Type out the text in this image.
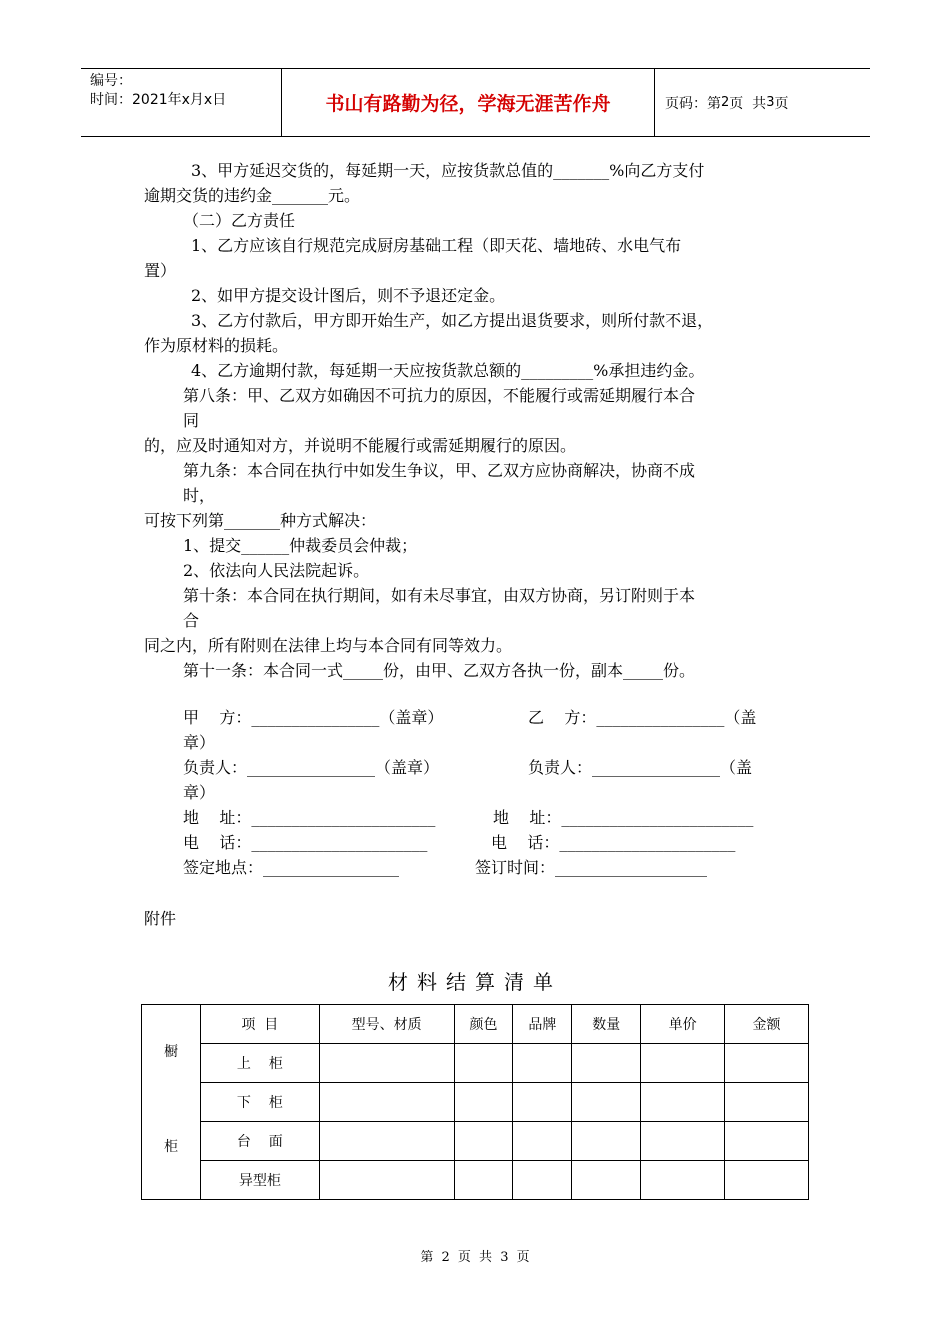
编号：
时间：2021年x月x日	书山有路勤为径，学海无涯苦作舟	页码：第 2 页  共 3 页

3、甲方延迟交货的，每延期一天，应按货款总值的_______%向乙方支付

逾期交货的违约金_______元。

（二）乙方责任

1、乙方应该自行规范完成厨房基础工程（即天花、墙地砖、水电气布

置）

2、如甲方提交设计图后，则不予退还定金。

3、乙方付款后，甲方即开始生产，如乙方提出退货要求，则所付款不退，

作为原材料的损耗。

4、乙方逾期付款，每延期一天应按货款总额的_________%承担违约金。

第八条：甲、乙双方如确因不可抗力的原因，不能履行或需延期履行本合

同

的，应及时通知对方，并说明不能履行或需延期履行的原因。

第九条：本合同在执行中如发生争议，甲、乙双方应协商解决，协商不成

时，

可按下列第_______种方式解决：

1、提交______仲裁委员会仲裁；

2、依法向人民法院起诉。

第十条：本合同在执行期间，如有未尽事宜，由双方协商，另订附则于本

合

同之内，所有附则在法律上均与本合同有同等效力。

第十一条：本合同一式_____份，由甲、乙双方各执一份，副本_____份。

甲    方：________________（盖章）	乙    方：________________（盖

章）

负责人：________________（盖章）	负责人：________________（盖

章）

地    址：_______________________	地    址：________________________
电    话：______________________	电    话：______________________
签定地点：_________________	签订时间：___________________
附件
材料结算清单
橱
柜	项  目	型号、材质	颜色	品牌	数量	单价	金额
	上    柜						
	下    柜						
	台    面						
	异型柜						
第 2 页 共 3 页
